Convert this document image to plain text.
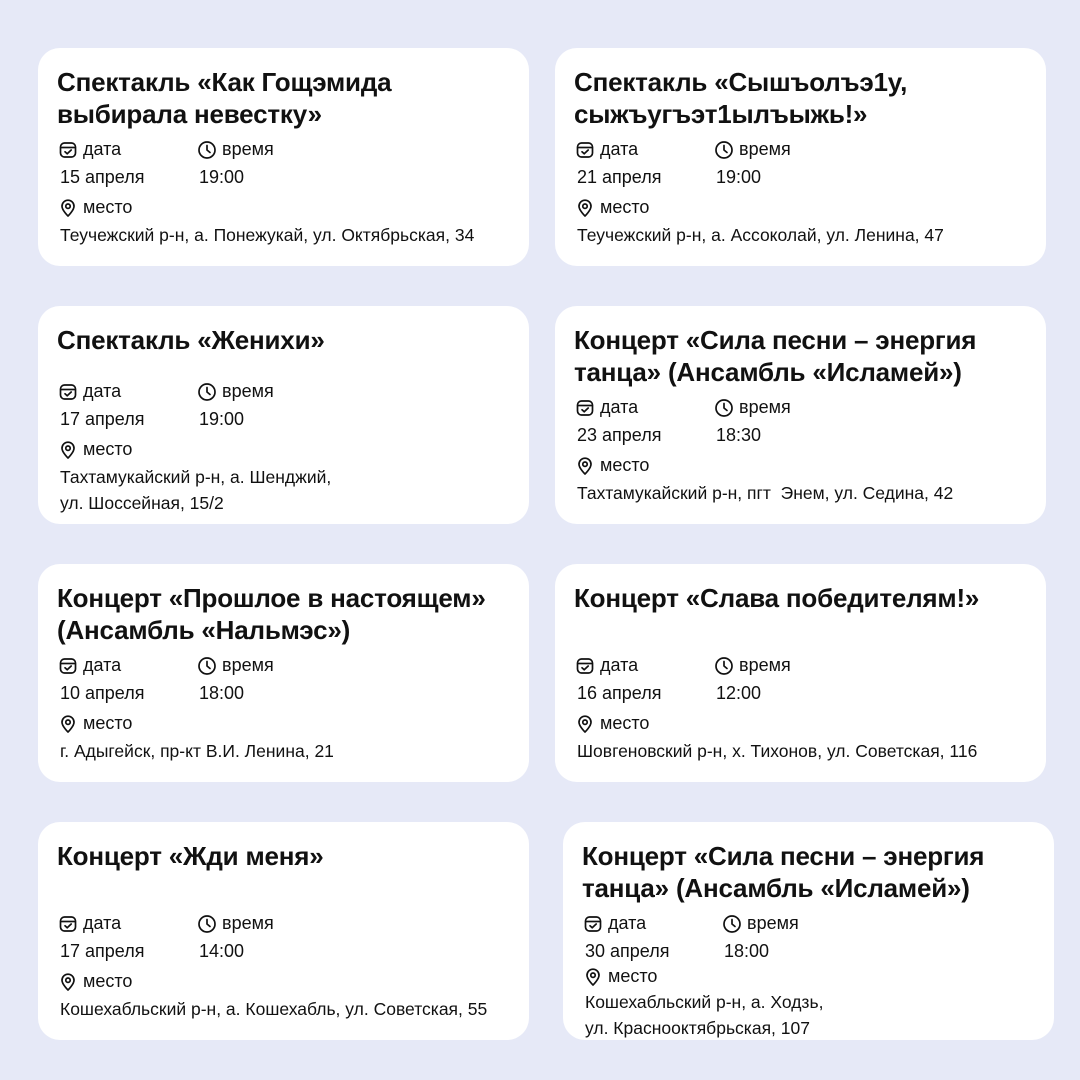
Спектакль «Как Гощэмида выбирала невестку»
дата	время
15 апреля	19:00
место
Теучежский р-н, а. Понежукай, ул. Октябрьская, 34
Спектакль «Сышъолъэ1у, сыжъугъэт1ылъыжь!»
дата	время
21 апреля	19:00
место
Теучежский р-н, а. Ассоколай, ул. Ленина, 47
Спектакль «Женихи»
дата	время
17 апреля	19:00
место
Тахтамукайский р-н, а. Шенджий,
ул. Шоссейная, 15/2
Концерт «Сила песни – энергия танца» (Ансамбль «Исламей»)
дата	время
23 апреля	18:30
место
Тахтамукайский р-н, пгт  Энем, ул. Седина, 42
Концерт «Прошлое в настоящем» (Ансамбль «Нальмэс»)
дата	время
10 апреля	18:00
место
г. Адыгейск, пр-кт В.И. Ленина, 21
Концерт «Слава победителям!»
дата	время
16 апреля	12:00
место
Шовгеновский р-н, х. Тихонов, ул. Советская, 116
Концерт «Жди меня»
дата	время
17 апреля	14:00
место
Кошехабльский р-н, а. Кошехабль, ул. Советская, 55
Концерт «Сила песни – энергия танца» (Ансамбль «Исламей»)
дата	время
30 апреля	18:00
место
Кошехабльский р-н, а. Ходзь,
ул. Краснооктябрьская, 107
